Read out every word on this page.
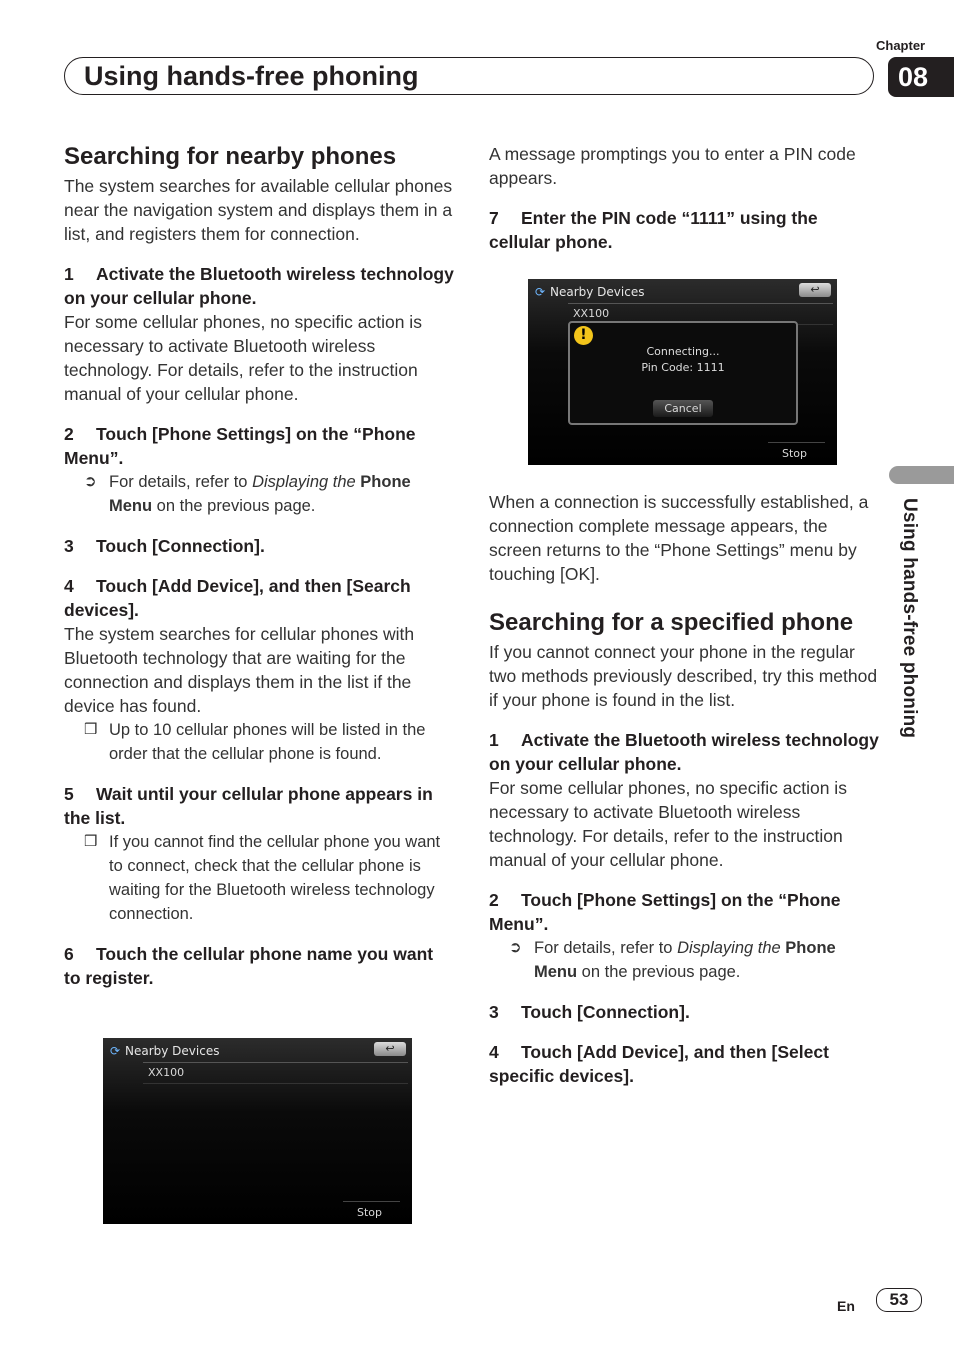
Chapter
08
Using hands-free phoning
Using hands-free phoning
Searching for nearby phones

The system searches for available cellular phones near the navigation system and displays them in a list, and registers them for connection.

1 Activate the Bluetooth wireless technology on your cellular phone.

For some cellular phones, no specific action is necessary to activate Bluetooth wireless technology. For details, refer to the instruction manual of your cellular phone.

2 Touch [Phone Settings] on the “Phone Menu”.

➲ For details, refer to Displaying the Phone Menu on the previous page.

3 Touch [Connection].

4 Touch [Add Device], and then [Search devices].

The system searches for cellular phones with Bluetooth technology that are waiting for the connection and displays them in the list if the device has found.

❒ Up to 10 cellular phones will be listed in the order that the cellular phone is found.

5 Wait until your cellular phone appears in the list.

❒ If you cannot find the cellular phone you want to connect, check that the cellular phone is waiting for the Bluetooth wireless technology connection.

6 Touch the cellular phone name you want to register.

⟳ Nearby Devices	↩
XX100
Stop

A message promptings you to enter a PIN code appears.

7 Enter the PIN code “1111” using the cellular phone.

⟳ Nearby Devices	↩
XX100
!
Connecting...
Pin Code: 1111
Cancel
Stop

When a connection is successfully established, a connection complete message appears, the screen returns to the “Phone Settings” menu by touching [OK].

Searching for a specified phone

If you cannot connect your phone in the regular two methods previously described, try this method if your phone is found in the list.

1 Activate the Bluetooth wireless technology on your cellular phone.

For some cellular phones, no specific action is necessary to activate Bluetooth wireless technology. For details, refer to the instruction manual of your cellular phone.

2 Touch [Phone Settings] on the “Phone Menu”.

➲ For details, refer to Displaying the Phone Menu on the previous page.

3 Touch [Connection].

4 Touch [Add Device], and then [Select specific devices].

En	53
